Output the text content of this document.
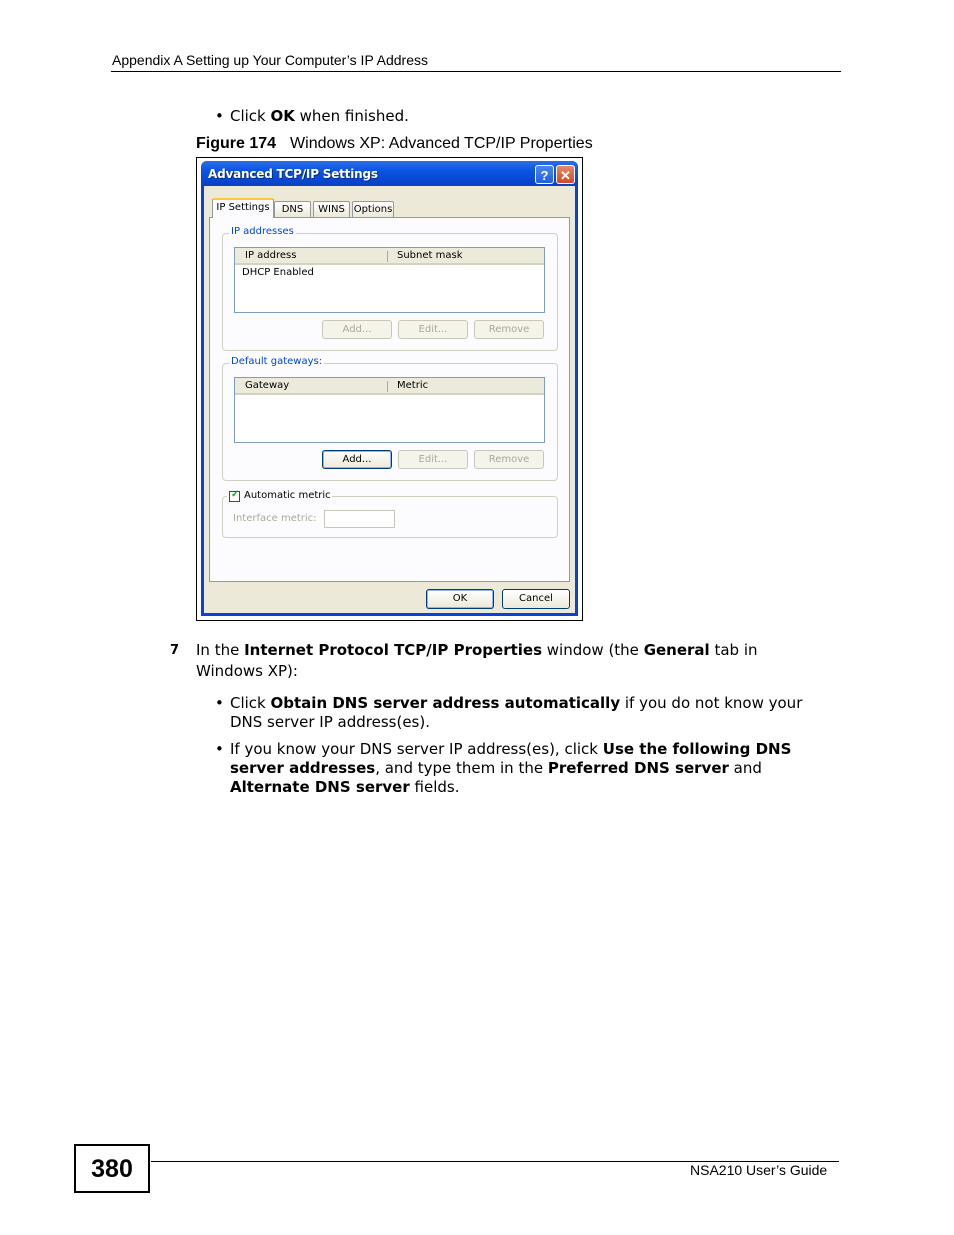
Appendix A Setting up Your Computer’s IP Address
• Click OK when finished.
Figure 174 Windows XP: Advanced TCP/IP Properties
Advanced TCP/IP Settings	? ✕
IP Settings	DNS	WINS Options
IP addresses
IP address	Subnet mask
DHCP Enabled
Add...	Edit...	Remove
Default gateways:
Gateway	Metric
Add...	Edit...	Remove
✓ Automatic metric
Interface metric:
OK	Cancel
7 In the Internet Protocol TCP/IP Properties window (the General tab in
Windows XP):
• Click Obtain DNS server address automatically if you do not know your
DNS server IP address(es).
• If you know your DNS server IP address(es), click Use the following DNS
server addresses, and type them in the Preferred DNS server and
Alternate DNS server fields.
380	NSA210 User’s Guide
